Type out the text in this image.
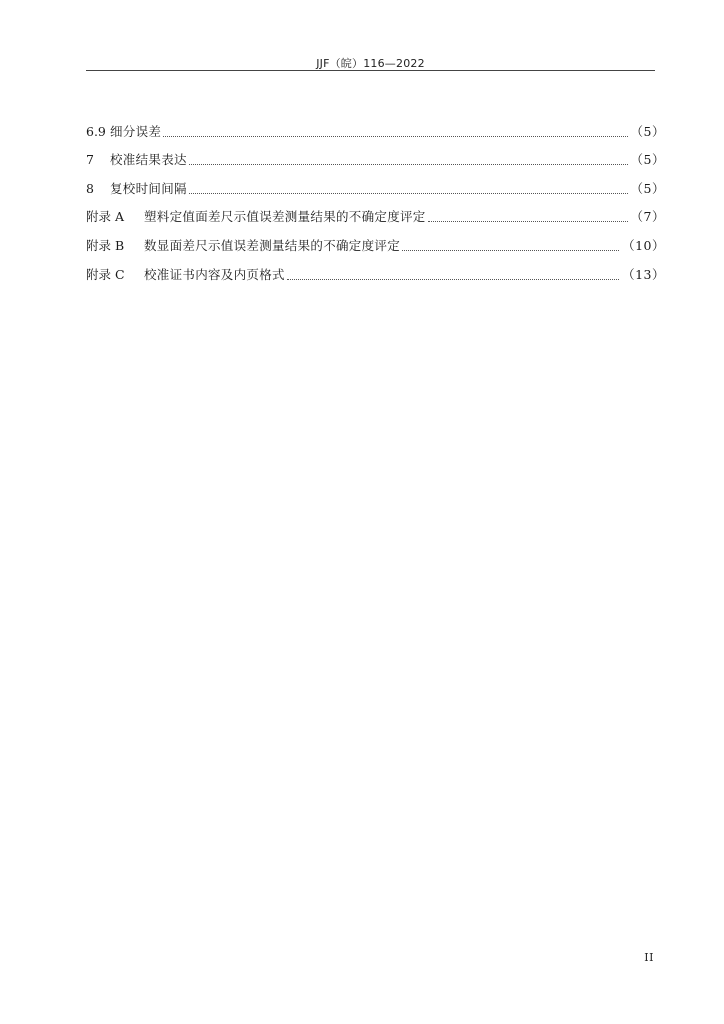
JJF（皖）116—2022
6.9 细分误差	（5）
7	校准结果表达	（5）
8	复校时间间隔	（5）
附录 A	塑料定值面差尺示值误差测量结果的不确定度评定	（7）
附录 B	数显面差尺示值误差测量结果的不确定度评定	（10）
附录 C	校准证书内容及内页格式	（13）
II
